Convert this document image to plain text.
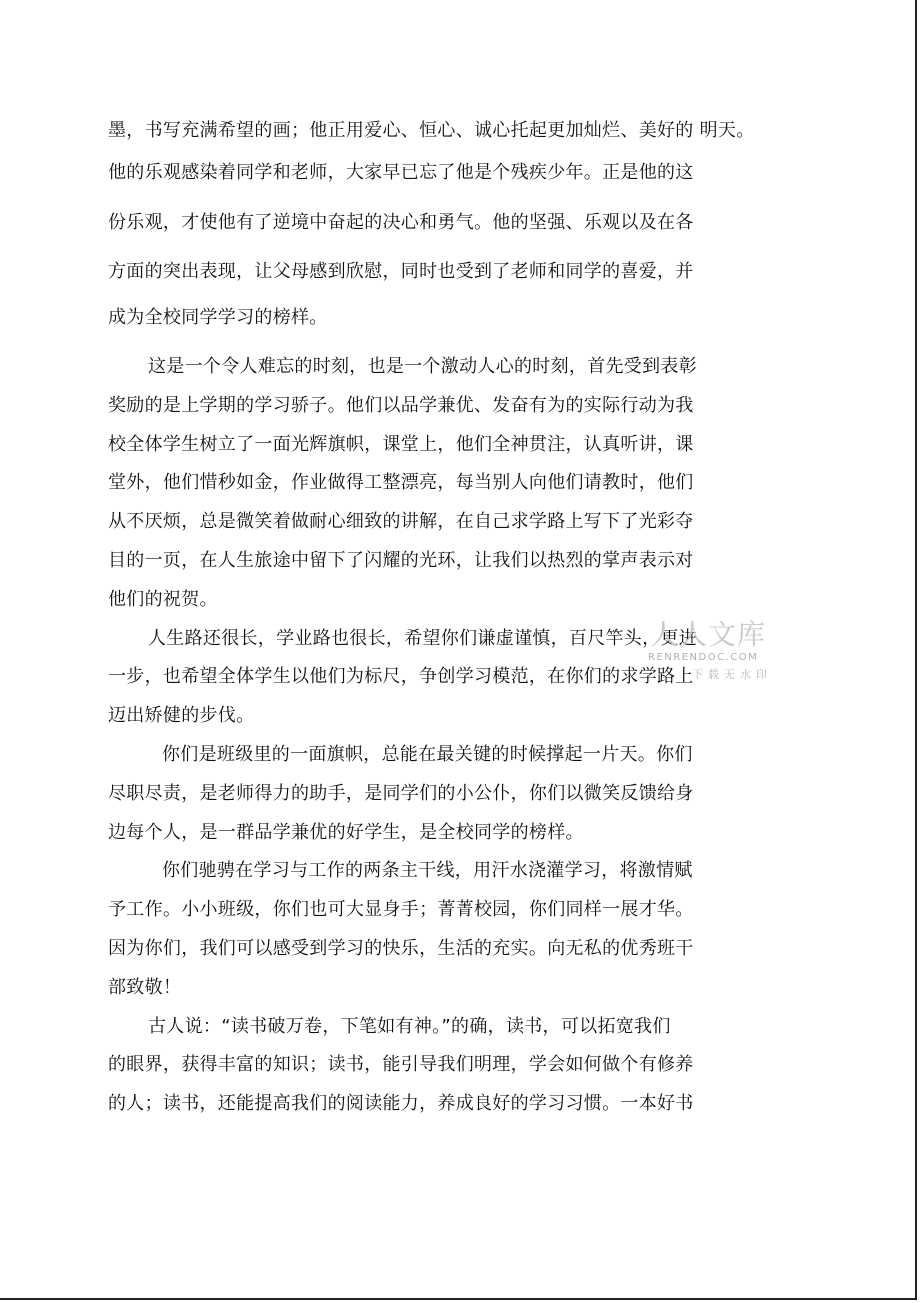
墨，书写充满希望的画；他正用爱心、恒心、诚心托起更加灿烂、美好的 明天。
他的乐观感染着同学和老师，大家早已忘了他是个残疾少年。正是他的这
份乐观，才使他有了逆境中奋起的决心和勇气。他的坚强、乐观以及在各
方面的突出表现，让父母感到欣慰，同时也受到了老师和同学的喜爱，并
成为全校同学学习的榜样。
这是一个令人难忘的时刻，也是一个激动人心的时刻，首先受到表彰
奖励的是上学期的学习骄子。他们以品学兼优、发奋有为的实际行动为我
校全体学生树立了一面光辉旗帜，课堂上，他们全神贯注，认真听讲，课
堂外，他们惜秒如金，作业做得工整漂亮，每当别人向他们请教时，他们
从不厌烦，总是微笑着做耐心细致的讲解，在自己求学路上写下了光彩夺
目的一页，在人生旅途中留下了闪耀的光环，让我们以热烈的掌声表示对
他们的祝贺。
人生路还很长，学业路也很长，希望你们谦虚谨慎，百尺竿头，更进
一步，也希望全体学生以他们为标尺，争创学习模范，在你们的求学路上
迈出矫健的步伐。
你们是班级里的一面旗帜，总能在最关键的时候撑起一片天。你们
尽职尽责，是老师得力的助手，是同学们的小公仆，你们以微笑反馈给身
边每个人，是一群品学兼优的好学生，是全校同学的榜样。
你们驰骋在学习与工作的两条主干线，用汗水浇灌学习，将激情赋
予工作。小小班级，你们也可大显身手；菁菁校园，你们同样一展才华。
因为你们，我们可以感受到学习的快乐，生活的充实。向无私的优秀班干
部致敬！
古人说：“读书破万卷，下笔如有神。”的确，读书，可以拓宽我们
的眼界，获得丰富的知识；读书，能引导我们明理，学会如何做个有修养
的人；读书，还能提高我们的阅读能力，养成良好的学习习惯。一本好书
人人文库
RENRENDOC.COM
下载无水印
